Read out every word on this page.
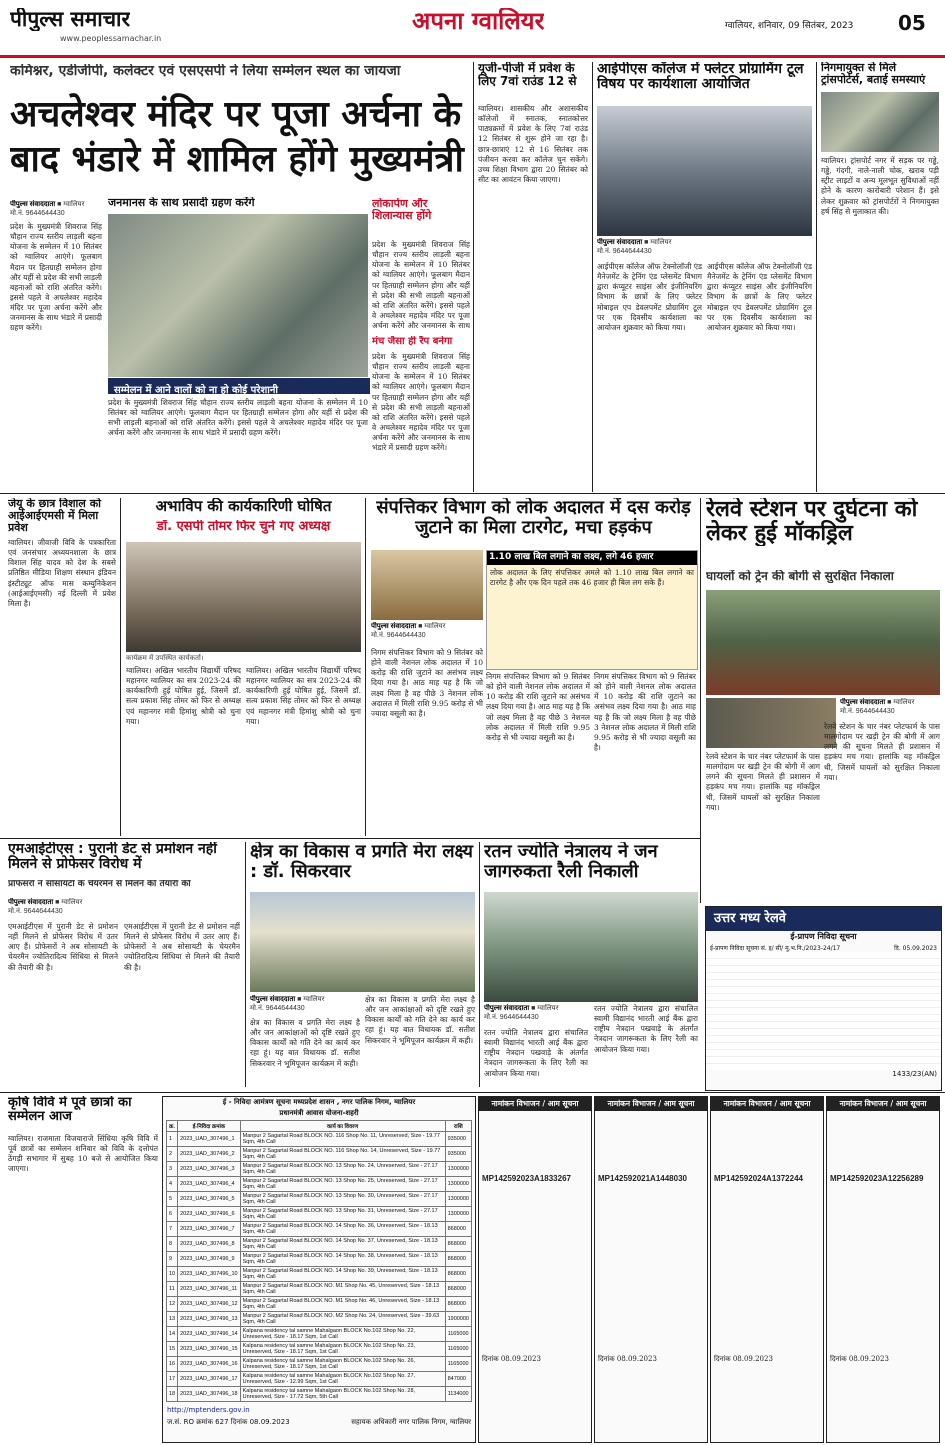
पीपुल्स समाचार
www.peoplessamachar.in
अपना ग्वालियर	ग्वालियर, शनिवार, 09 सितंबर, 2023 05
कमिश्नर, एडीजीपी, कलेक्टर एवं एसएसपी ने लिया सम्मेलन स्थल का जायजा
अचलेश्वर मंदिर पर पूजा अर्चना के बाद भंडारे में शामिल होंगे मुख्यमंत्री
पीपुल्स संवाददाता ■ ग्वालियर
मो.नं. 9644644430
जनमानस के साथ प्रसादी ग्रहण करेंगे
प्रदेश के मुख्यमंत्री शिवराज सिंह चौहान राज्य स्तरीय लाड़ली बहना योजना के सम्मेलन में 10 सितंबर को ग्वालियर आएंगे। फूलबाग मैदान पर हितग्राही सम्मेलन होगा और यहीं से प्रदेश की सभी लाड़ली बहनाओं को राशि अंतरित करेंगे। इससे पहले वे अचलेश्वर महादेव मंदिर पर पूजा अर्चना करेंगे और जनमानस के साथ भंडारे में प्रसादी ग्रहण करेंगे।
लोकार्पण और शिलान्यास होंगे
प्रदेश के मुख्यमंत्री शिवराज सिंह चौहान राज्य स्तरीय लाड़ली बहना योजना के सम्मेलन में 10 सितंबर को ग्वालियर आएंगे। फूलबाग मैदान पर हितग्राही सम्मेलन होगा और यहीं से प्रदेश की सभी लाड़ली बहनाओं को राशि अंतरित करेंगे। इससे पहले वे अचलेश्वर महादेव मंदिर पर पूजा अर्चना करेंगे और जनमानस के साथ
मंच जैसा ही रैंप बनेगा
सम्मेलन में आने वालों को ना हो कोई परेशानी
प्रदेश के मुख्यमंत्री शिवराज सिंह चौहान राज्य स्तरीय लाड़ली बहना योजना के सम्मेलन में 10 सितंबर को ग्वालियर आएंगे। फूलबाग मैदान पर हितग्राही सम्मेलन होगा और यहीं से प्रदेश की सभी लाड़ली बहनाओं को राशि अंतरित करेंगे। इससे पहले वे अचलेश्वर महादेव मंदिर पर पूजा अर्चना करेंगे और जनमानस के साथ भंडारे में प्रसादी ग्रहण करेंगे।
प्रदेश के मुख्यमंत्री शिवराज सिंह चौहान राज्य स्तरीय लाड़ली बहना योजना के सम्मेलन में 10 सितंबर को ग्वालियर आएंगे। फूलबाग मैदान पर हितग्राही सम्मेलन होगा और यहीं से प्रदेश की सभी लाड़ली बहनाओं को राशि अंतरित करेंगे। इससे पहले वे अचलेश्वर महादेव मंदिर पर पूजा अर्चना करेंगे और जनमानस के साथ भंडारे में प्रसादी ग्रहण करेंगे।
यूजी-पीजी में प्रवेश के लिए 7वां राउंड 12 से
ग्वालियर। शासकीय और अशासकीय कॉलेजों में स्नातक, स्नातकोत्तर पाठ्यक्रमों में प्रवेश के लिए 7वां राउंड 12 सितंबर से शुरू होने जा रहा है। छात्र-छात्राएं 12 से 16 सितंबर तक पंजीयन करवा कर कॉलेज चुन सकेंगे। उच्च शिक्षा विभाग द्वारा 20 सितंबर को सीट का आवंटन किया जाएगा।
आईपीएस कॉलेज में फ्लेटर प्रोग्रामिंग टूल विषय पर कार्यशाला आयोजित
पीपुल्स संवाददाता ■ ग्वालियर
मो.नं. 9644644430
आईपीएस कॉलेज ऑफ टेक्नोलॉजी एंड मैनेजमेंट के ट्रेनिंग एंड प्लेसमेंट विभाग द्वारा कंप्यूटर साइंस और इंजीनियरिंग विभाग के छात्रों के लिए फ्लेटर मोबाइल एप डेवलपमेंट प्रोग्रामिंग टूल पर एक दिवसीय कार्यशाला का आयोजन शुक्रवार को किया गया।
आईपीएस कॉलेज ऑफ टेक्नोलॉजी एंड मैनेजमेंट के ट्रेनिंग एंड प्लेसमेंट विभाग द्वारा कंप्यूटर साइंस और इंजीनियरिंग विभाग के छात्रों के लिए फ्लेटर मोबाइल एप डेवलपमेंट प्रोग्रामिंग टूल पर एक दिवसीय कार्यशाला का आयोजन शुक्रवार को किया गया।
निगमायुक्त से मिले ट्रांसपोर्टर्स, बताई समस्याएं
ग्वालियर। ट्रांसपोर्ट नगर में सड़क पर गड्ढे, गड्ढे, गंदगी, नाले-नाली चोक, खराब पड़ी स्ट्रीट लाइटों व अन्य मूलभूत सुविधाओं नहीं होने के कारण कारोबारी परेशान हैं। इसे लेकर शुक्रवार को ट्रांसपोर्टरों ने निगमायुक्त हर्ष सिंह से मुलाकात की।
जेयू के छात्र विशाल को आईआईएमसी में मिला प्रवेश
ग्वालियर। जीवाजी विवि के पत्रकारिता एवं जनसंचार अध्ययनशाला के छात्र विशाल सिंह यादव को देश के सबसे प्रतिष्ठित मीडिया शिक्षण संस्थान इंडियन इंस्टीट्यूट ऑफ मास कम्युनिकेशन (आईआईएमसी) नई दिल्ली में प्रवेश मिला है।
अभाविप की कार्यकारिणी घोषित
डॉ. एसपी तोमर फिर चुने गए अध्यक्ष
कार्यक्रम में उपस्थित कार्यकर्ता।
ग्वालियर। अखिल भारतीय विद्यार्थी परिषद महानगर ग्वालियर का सत्र 2023-24 की कार्यकारिणी हुई घोषित हुई, जिसमें डॉ. सत्य प्रकाश सिंह तोमर को फिर से अध्यक्ष एवं महानगर मंत्री हिमांशु श्रोत्री को चुना गया।
ग्वालियर। अखिल भारतीय विद्यार्थी परिषद महानगर ग्वालियर का सत्र 2023-24 की कार्यकारिणी हुई घोषित हुई, जिसमें डॉ. सत्य प्रकाश सिंह तोमर को फिर से अध्यक्ष एवं महानगर मंत्री हिमांशु श्रोत्री को चुना गया।
संपत्तिकर विभाग को लोक अदालत में दस करोड़ जुटाने का मिला टारगेट, मचा हड़कंप
पीपुल्स संवाददाता ■ ग्वालियर
मो.नं. 9644644430
1.10 लाख बिल लगाने का लक्ष्य, लगे 46 हजार
लोक अदालत के लिए संपत्तिकर अमले को 1.10 लाख बिल लगाने का टारगेट है और एक दिन पहले तक 46 हजार ही बिल लग सके हैं।
निगम संपत्तिकर विभाग को 9 सितंबर को होने वाली नेशनल लोक अदालत में 10 करोड़ की राशि जुटाने का असंभव लक्ष्य दिया गया है। आठ माह यह है कि जो लक्ष्य मिला है वह पीछे 3 नेशनल लोक अदालत में मिली राशि 9.95 करोड़ से भी ज्यादा वसूली का है।
निगम संपत्तिकर विभाग को 9 सितंबर को होने वाली नेशनल लोक अदालत में 10 करोड़ की राशि जुटाने का असंभव लक्ष्य दिया गया है। आठ माह यह है कि जो लक्ष्य मिला है वह पीछे 3 नेशनल लोक अदालत में मिली राशि 9.95 करोड़ से भी ज्यादा वसूली का है।
निगम संपत्तिकर विभाग को 9 सितंबर को होने वाली नेशनल लोक अदालत में 10 करोड़ की राशि जुटाने का असंभव लक्ष्य दिया गया है। आठ माह यह है कि जो लक्ष्य मिला है वह पीछे 3 नेशनल लोक अदालत में मिली राशि 9.95 करोड़ से भी ज्यादा वसूली का है।
रेलवे स्टेशन पर दुर्घटना को लेकर हुई मॉकड्रिल
घायलों को ट्रेन की बोगी से सुरक्षित निकाला
पीपुल्स संवाददाता ■ ग्वालियर
मो.नं. 9644644430
रेलवे स्टेशन के चार नंबर प्लेटफार्म के पास मालगोदाम पर खड़ी ट्रेन की बोगी में आग लगने की सूचना मिलते ही प्रशासन में हड़कंप मच गया। हालांकि यह मॉकड्रिल थी, जिसमें घायलों को सुरक्षित निकाला गया।
रेलवे स्टेशन के चार नंबर प्लेटफार्म के पास मालगोदाम पर खड़ी ट्रेन की बोगी में आग लगने की सूचना मिलते ही प्रशासन में हड़कंप मच गया। हालांकि यह मॉकड्रिल थी, जिसमें घायलों को सुरक्षित निकाला गया।
एमआईटीएस : पुरानी डेट से प्रमोशन नहीं मिलने से प्रोफेसर विरोध में
प्रोफेसरों ने सोसायटी के चेयरमैन से मिलने की तैयारी की
पीपुल्स संवाददाता ■ ग्वालियर
मो.नं. 9644644430
एमआईटीएस में पुरानी डेट से प्रमोशन नहीं मिलने से प्रोफेसर विरोध में उतर आए हैं। प्रोफेसरों ने अब सोसायटी के चेयरमैन ज्योतिरादित्य सिंधिया से मिलने की तैयारी की है।
एमआईटीएस में पुरानी डेट से प्रमोशन नहीं मिलने से प्रोफेसर विरोध में उतर आए हैं। प्रोफेसरों ने अब सोसायटी के चेयरमैन ज्योतिरादित्य सिंधिया से मिलने की तैयारी की है।
क्षेत्र का विकास व प्रगति मेरा लक्ष्य : डॉ. सिकरवार
पीपुल्स संवाददाता ■ ग्वालियर
मो.नं. 9644644430
क्षेत्र का विकास व प्रगति मेरा लक्ष्य है और जन आकांक्षाओं को दृष्टि रखते हुए विकास कार्यों को गति देने का कार्य कर रहा हूं। यह बात विधायक डॉ. सतीश सिकरवार ने भूमिपूजन कार्यक्रम में कही।
क्षेत्र का विकास व प्रगति मेरा लक्ष्य है और जन आकांक्षाओं को दृष्टि रखते हुए विकास कार्यों को गति देने का कार्य कर रहा हूं। यह बात विधायक डॉ. सतीश सिकरवार ने भूमिपूजन कार्यक्रम में कही।
रतन ज्योति नेत्रालय ने जन जागरुकता रैली निकाली
पीपुल्स संवाददाता ■ ग्वालियर
मो.नं. 9644644430
रतन ज्योति नेत्रालय द्वारा संचालित स्वामी विद्यानंद भारती आई बैंक द्वारा राष्ट्रीय नेत्रदान पखवाड़े के अंतर्गत नेत्रदान जागरूकता के लिए रैली का आयोजन किया गया।
रतन ज्योति नेत्रालय द्वारा संचालित स्वामी विद्यानंद भारती आई बैंक द्वारा राष्ट्रीय नेत्रदान पखवाड़े के अंतर्गत नेत्रदान जागरूकता के लिए रैली का आयोजन किया गया।
उत्तर मध्य रेलवे
ई-प्रापण निविदा सूचना
ई-प्रापण निविदा सूचना सं. इ/ सी/ मु.भ.नि./2023-24/17	दि. 05.09.2023
1433/23(AN)
कृषि विवि में पूर्व छात्रों का सम्मेलन आज
ग्वालियर। राजमाता विजयाराजे सिंधिया कृषि विवि में पूर्व छात्रों का सम्मेलन शनिवार को विवि के दत्तोपंत ठेंगड़ी सभागार में सुबह 10 बजे से आयोजित किया जाएगा।
ई - निविदा आमंत्रण सूचना मध्यप्रदेश शासन , नगर पालिक निगम, ग्वालियर
प्रधानमंत्री आवास योजना-शहरी
क्र.	ई-निविदा क्रमांक	कार्य का विवरण	राशि
1	2023_UAD_307496_1	Manpur 2 Sagartal Road BLOCK NO. 116 Shop No. 11, Unreserved, Size - 19.77 Sqm, 4th Call	935000
2	2023_UAD_307496_2	Manpur 2 Sagartal Road BLOCK NO. 116 Shop No. 14, Unreserved, Size - 19.77 Sqm, 4th Call	935000
3	2023_UAD_307496_3	Manpur 2 Sagartal Road BLOCK NO. 13 Shop No. 24, Unreserved, Size - 27.17 Sqm, 4th Call	1300000
4	2023_UAD_307496_4	Manpur 2 Sagartal Road BLOCK NO. 13 Shop No. 25, Unreserved, Size - 27.17 Sqm, 4th Call	1300000
5	2023_UAD_307496_5	Manpur 2 Sagartal Road BLOCK NO. 13 Shop No. 30, Unreserved, Size - 27.17 Sqm, 4th Call	1300000
6	2023_UAD_307496_6	Manpur 2 Sagartal Road BLOCK NO. 13 Shop No. 31, Unreserved, Size - 27.17 Sqm, 4th Call	1300000
7	2023_UAD_307496_7	Manpur 2 Sagartal Road BLOCK NO. 14 Shop No. 36, Unreserved, Size - 18.13 Sqm, 4th Call	868000
8	2023_UAD_307496_8	Manpur 2 Sagartal Road BLOCK NO. 14 Shop No. 37, Unreserved, Size - 18.13 Sqm, 4th Call	868000
9	2023_UAD_307496_9	Manpur 2 Sagartal Road BLOCK NO. 14 Shop No. 38, Unreserved, Size - 18.13 Sqm, 4th Call	868000
10	2023_UAD_307496_10	Manpur 2 Sagartal Road BLOCK NO. 14 Shop No. 39, Unreserved, Size - 18.13 Sqm, 4th Call	868000
11	2023_UAD_307496_11	Manpur 2 Sagartal Road BLOCK NO. M1 Shop No. 45, Unreserved, Size - 18.13 Sqm, 4th Call	868000
12	2023_UAD_307496_12	Manpur 2 Sagartal Road BLOCK NO. M1 Shop No. 46, Unreserved, Size - 18.13 Sqm, 4th Call	868000
13	2023_UAD_307496_13	Manpur 2 Sagartal Road BLOCK NO. M2 Shop No. 24, Unreserved, Size - 39.63 Sqm, 4th Call	1900000
14	2023_UAD_307496_14	Kalpana residency tal samne Mahalgaon BLOCK No.102 Shop No. 22, Unreserved, Size - 18.17 Sqm, 1st Call	1165000
15	2023_UAD_307496_15	Kalpana residency tal samne Mahalgaon BLOCK No.102 Shop No. 23, Unreserved, Size - 18.17 Sqm, 1st Call	1165000
16	2023_UAD_307496_16	Kalpana residency tal samne Mahalgaon BLOCK No.102 Shop No. 26, Unreserved, Size - 18.17 Sqm, 1st Call	1165000
17	2023_UAD_307496_17	Kalpana residency tal samne Mahalgaon BLOCK No.102 Shop No. 27, Unreserved, Size - 12.99 Sqm, 1st Call	847000
18	2023_UAD_307496_18	Kalpana residency tal samne Mahalgaon BLOCK No.102 Shop No. 28, Unreserved, Size - 17.72 Sqm, 5th Call	1134000
http://mptenders.gov.in
ज.सं. RO क्रमांक 627 दिनांक 08.09.2023	सहायक अधिकारी नगर पालिक निगम, ग्वालियर
नामांकन विभाजन / आम सूचना
MP142592023A1833267
दिनांक 08.09.2023
नामांकन विभाजन / आम सूचना
MP142592021A1448030
दिनांक 08.09.2023
नामांकन विभाजन / आम सूचना
MP142592024A1372244
दिनांक 08.09.2023
नामांकन विभाजन / आम सूचना
MP142592023A12256289
दिनांक 08.09.2023
